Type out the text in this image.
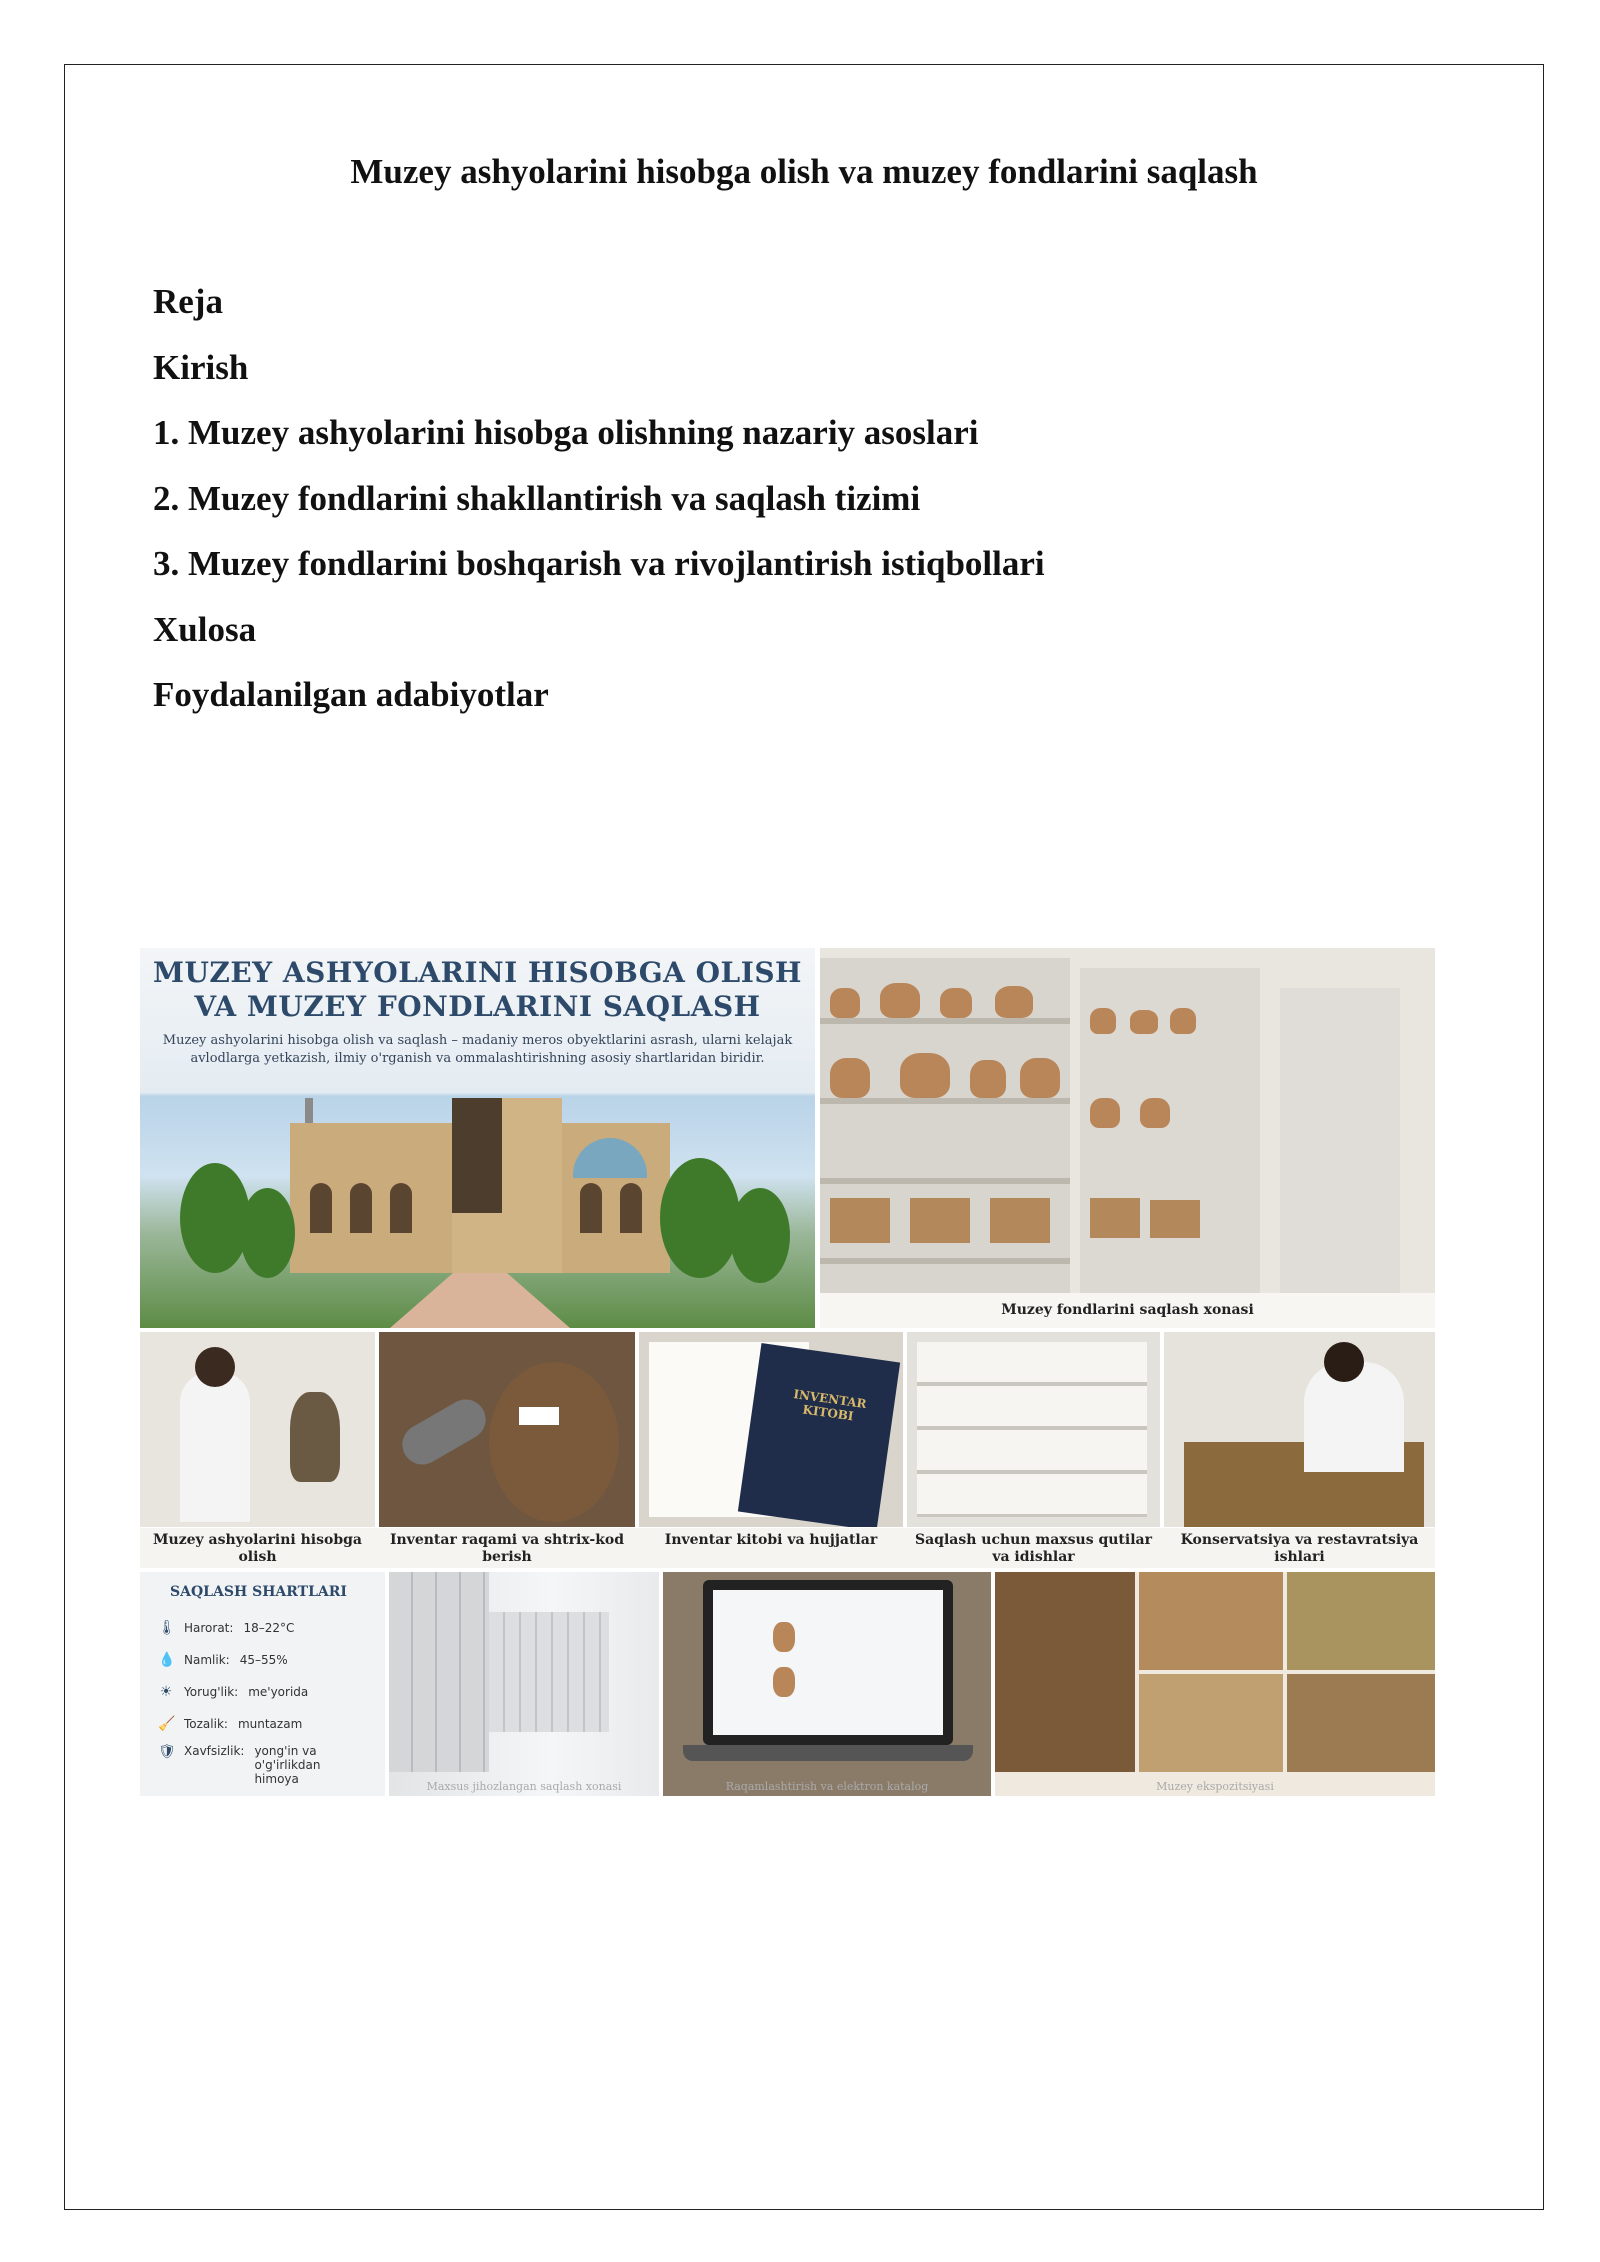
Muzey ashyolarini hisobga olish va muzey fondlarini saqlash
Reja
Kirish
1. Muzey ashyolarini hisobga olishning nazariy asoslari
2. Muzey fondlarini shakllantirish va saqlash tizimi
3. Muzey fondlarini boshqarish va rivojlantirish istiqbollari
Xulosa
Foydalanilgan adabiyotlar
MUZEY ASHYOLARINI HISOBGA OLISH
VA MUZEY FONDLARINI SAQLASH
Muzey ashyolarini hisobga olish va saqlash – madaniy meros obyektlarini asrash, ularni kelajak avlodlarga yetkazish, ilmiy o'rganish va ommalashtirishning asosiy shartlaridan biridir.
Muzey fondlarini saqlash xonasi
INVENTAR KITOBI
Muzey ashyolarini hisobga olish
Inventar raqami va shtrix-kod berish
Inventar kitobi va hujjatlar	Saqlash uchun maxsus qutilar va idishlar
Konservatsiya va restavratsiya ishlari
SAQLASH SHARTLARI
🌡 Harorat: 18–22°C
💧 Namlik: 45–55%
☀ Yorug'lik: me'yorida
🧹 Tozalik: muntazam
🛡 Xavfsizlik: yong'in va o'g'irlikdan himoya
Maxsus jihozlangan saqlash xonasi	Raqamlashtirish va elektron katalog	Muzey ekspozitsiyasi
